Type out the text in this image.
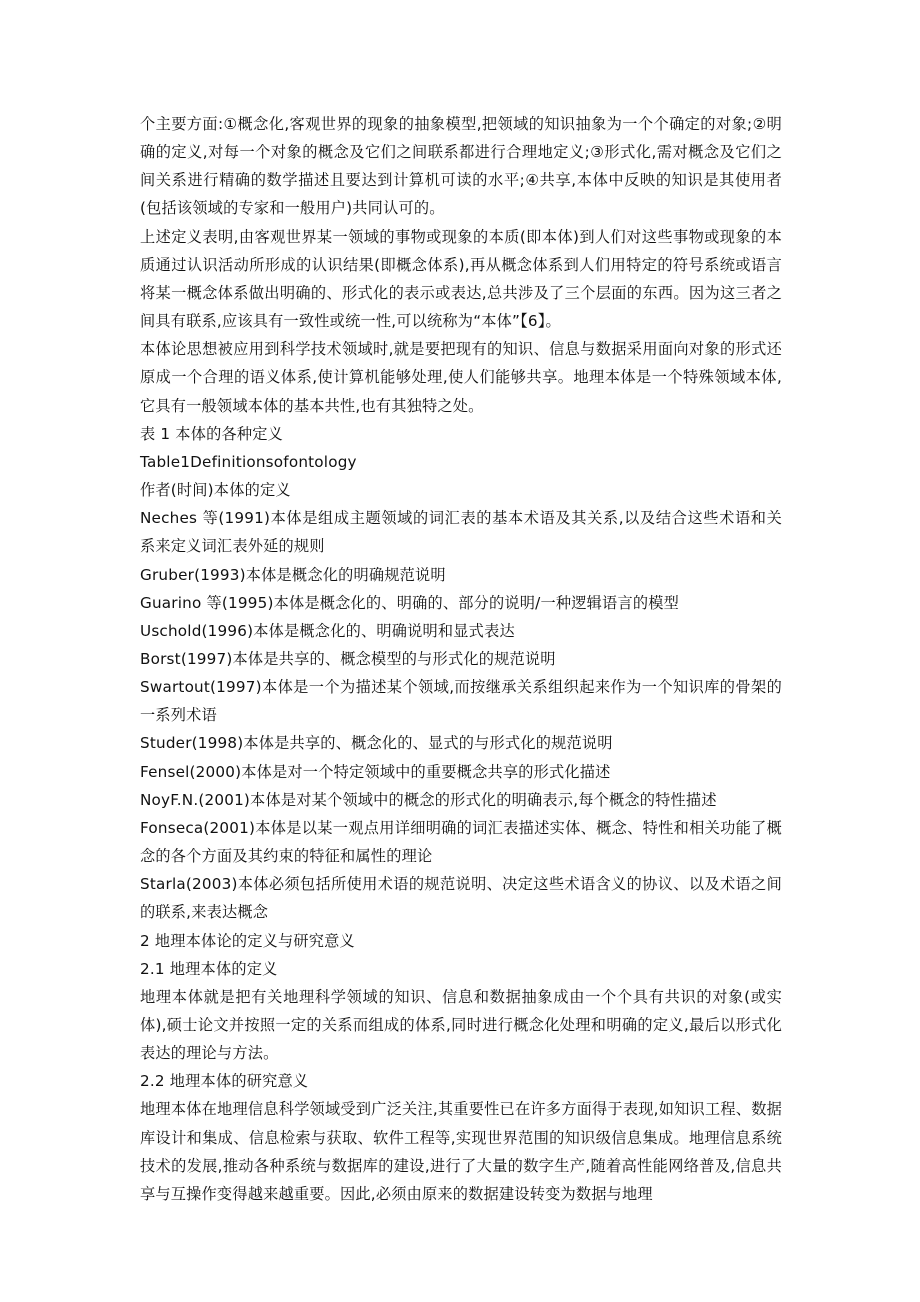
个主要方面:①概念化,客观世界的现象的抽象模型,把领域的知识抽象为一个个确定的对象;②明确的定义,对每一个对象的概念及它们之间联系都进行合理地定义;③形式化,需对概念及它们之间关系进行精确的数学描述且要达到计算机可读的水平;④共享,本体中反映的知识是其使用者(包括该领域的专家和一般用户)共同认可的。

上述定义表明,由客观世界某一领域的事物或现象的本质(即本体)到人们对这些事物或现象的本质通过认识活动所形成的认识结果(即概念体系),再从概念体系到人们用特定的符号系统或语言将某一概念体系做出明确的、形式化的表示或表达,总共涉及了三个层面的东西。因为这三者之间具有联系,应该具有一致性或统一性,可以统称为“本体”【6】。

本体论思想被应用到科学技术领域时,就是要把现有的知识、信息与数据采用面向对象的形式还原成一个合理的语义体系,使计算机能够处理,使人们能够共享。地理本体是一个特殊领域本体,它具有一般领域本体的基本共性,也有其独特之处。

表 1 本体的各种定义

Table1Definitionsofontology

作者(时间)本体的定义

Neches 等(1991)本体是组成主题领域的词汇表的基本术语及其关系,以及结合这些术语和关系来定义词汇表外延的规则

Gruber(1993)本体是概念化的明确规范说明

Guarino 等(1995)本体是概念化的、明确的、部分的说明/一种逻辑语言的模型

Uschold(1996)本体是概念化的、明确说明和显式表达

Borst(1997)本体是共享的、概念模型的与形式化的规范说明

Swartout(1997)本体是一个为描述某个领域,而按继承关系组织起来作为一个知识库的骨架的一系列术语

Studer(1998)本体是共享的、概念化的、显式的与形式化的规范说明

Fensel(2000)本体是对一个特定领域中的重要概念共享的形式化描述

NoyF.N.(2001)本体是对某个领域中的概念的形式化的明确表示,每个概念的特性描述

Fonseca(2001)本体是以某一观点用详细明确的词汇表描述实体、概念、特性和相关功能了概念的各个方面及其约束的特征和属性的理论

Starla(2003)本体必须包括所使用术语的规范说明、决定这些术语含义的协议、以及术语之间的联系,来表达概念

2 地理本体论的定义与研究意义

2.1 地理本体的定义

地理本体就是把有关地理科学领域的知识、信息和数据抽象成由一个个具有共识的对象(或实体),硕士论文并按照一定的关系而组成的体系,同时进行概念化处理和明确的定义,最后以形式化表达的理论与方法。

2.2 地理本体的研究意义

地理本体在地理信息科学领域受到广泛关注,其重要性已在许多方面得于表现,如知识工程、数据库设计和集成、信息检索与获取、软件工程等,实现世界范围的知识级信息集成。地理信息系统技术的发展,推动各种系统与数据库的建设,进行了大量的数字生产,随着高性能网络普及,信息共享与互操作变得越来越重要。因此,必须由原来的数据建设转变为数据与地理
